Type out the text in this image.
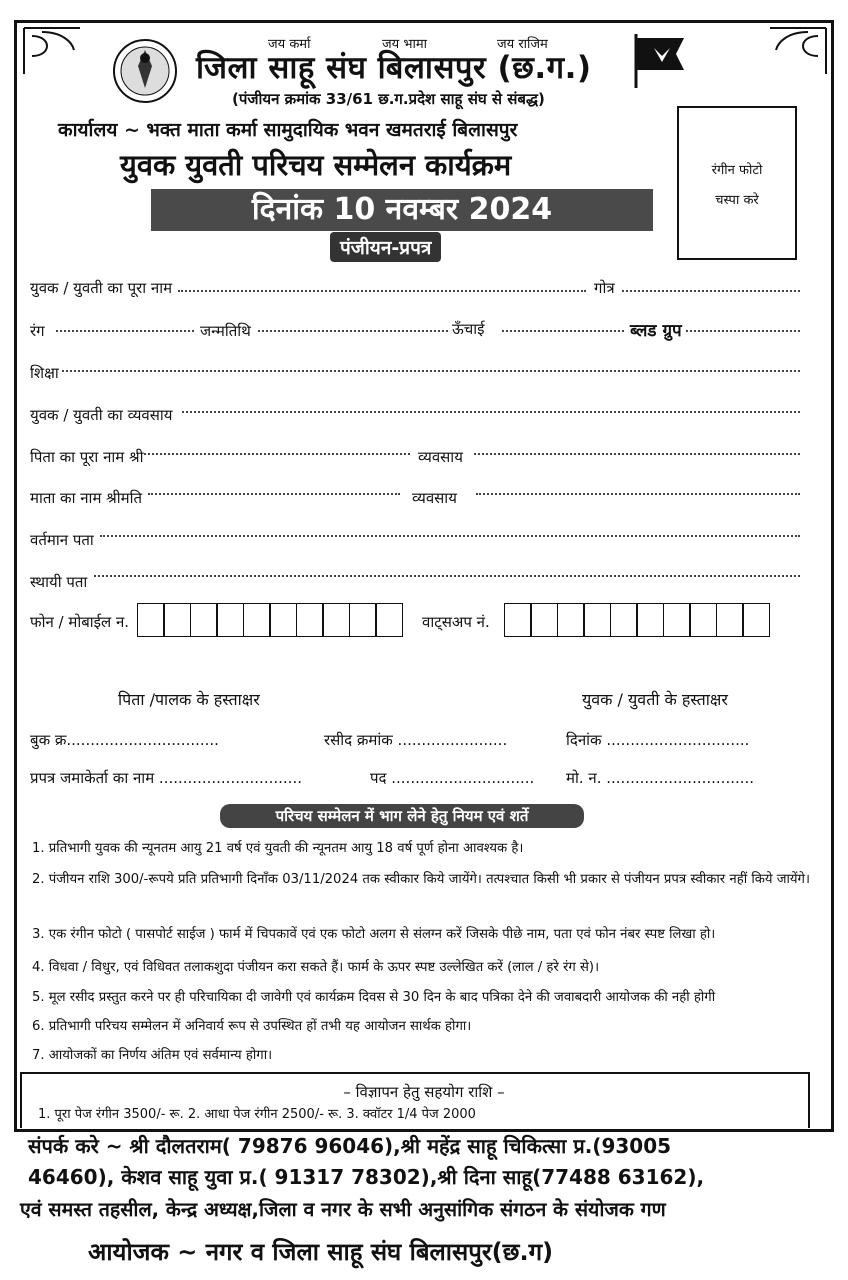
जय कर्मा	जय भामा	जय राजिम
जिला साहू संघ बिलासपुर (छ.ग.)
(पंजीयन क्रमांक 33/61 छ.ग.प्रदेश साहू संघ से संबद्ध)
कार्यालय ~ भक्त माता कर्मा सामुदायिक भवन खमतराई बिलासपुर
युवक युवती परिचय सम्मेलन कार्यक्रम
दिनांक 10 नवम्बर 2024
पंजीयन-प्रपत्र
रंगीन फोटो
चस्पा करे
युवक / युवती का पूरा नाम	गोत्र
रंग	जन्मतिथि	ऊँचाई	ब्लड ग्रुप
शिक्षा
युवक / युवती का व्यवसाय
पिता का पूरा नाम श्री	व्यवसाय
माता का नाम श्रीमति	व्यवसाय
वर्तमान पता
स्थायी पता
फोन / मोबाईल न.	वाट्सअप नं.
पिता /पालक के हस्ताक्षर	युवक / युवती के हस्ताक्षर
बुक क्र................................	रसीद क्रमांक .......................	दिनांक ..............................
प्रपत्र जमाकेर्ता का नाम ..............................	पद .............................. मो. न. ...............................
परिचय सम्मेलन में भाग लेने हेतु नियम एवं शर्ते
1. प्रतिभागी युवक की न्यूनतम आयु 21 वर्ष एवं युवती की न्यूनतम आयु 18 वर्ष पूर्ण होना आवश्यक है।
2. पंजीयन राशि 300/-रूपये प्रति प्रतिभागी दिनाँक 03/11/2024 तक स्वीकार किये जायेंगे। तत्पश्चात किसी भी प्रकार से पंजीयन प्रपत्र स्वीकार नहीं किये जायेंगे।
3. एक रंगीन फोटो ( पासपोर्ट साईज ) फार्म में चिपकावें एवं एक फोटो अलग से संलग्न करें जिसके पीछे नाम, पता एवं फोन नंबर स्पष्ट लिखा हो।
4. विधवा / विधुर, एवं विधिवत तलाकशुदा पंजीयन करा सकते हैं। फार्म के ऊपर स्पष्ट उल्लेखित करें (लाल / हरे रंग से)।
5. मूल रसीद प्रस्तुत करने पर ही परिचायिका दी जावेगी एवं कार्यक्रम दिवस से 30 दिन के बाद पत्रिका देने की जवाबदारी आयोजक की नही होगी
6. प्रतिभागी परिचय सम्मेलन में अनिवार्य रूप से उपस्थित हों तभी यह आयोजन सार्थक होगा।
7. आयोजकों का निर्णय अंतिम एवं सर्वमान्य होगा।
– विज्ञापन हेतु सहयोग राशि –
1. पूरा पेज रंगीन 3500/- रू. 2. आधा पेज रंगीन 2500/- रू. 3. क्वॉटर 1/4 पेज 2000
संपर्क करे ~ श्री दौलतराम( 79876 96046),श्री महेंद्र साहू चिकित्सा प्र.(93005
46460), केशव साहू युवा प्र.( 91317 78302),श्री दिना साहू(77488 63162),
एवं समस्त तहसील, केन्द्र अध्यक्ष,जिला व नगर के सभी अनुसांगिक संगठन के संयोजक गण
आयोजक ~ नगर व जिला साहू संघ बिलासपुर(छ.ग)
